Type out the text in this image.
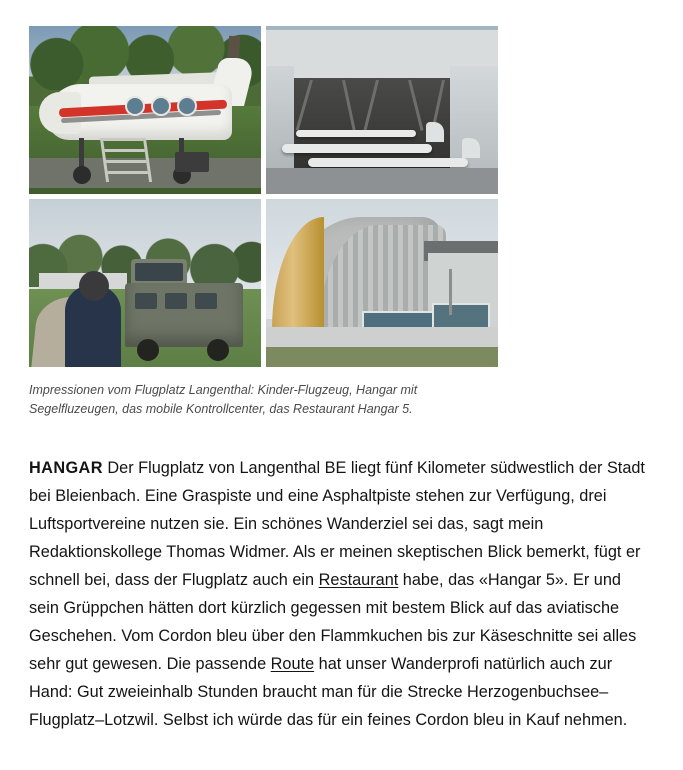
Impressionen vom Flugplatz Langenthal: Kinder-Flugzeug, Hangar mit Segelfluzeugen, das mobile Kontrollcenter, das Restaurant Hangar 5.
HANGAR Der Flugplatz von Langenthal BE liegt fünf Kilometer südwestlich der Stadt bei Bleienbach. Eine Graspiste und eine Asphaltpiste stehen zur Verfügung, drei Luftsportvereine nutzen sie. Ein schönes Wanderziel sei das, sagt mein Redaktionskollege Thomas Widmer. Als er meinen skeptischen Blick bemerkt, fügt er schnell bei, dass der Flugplatz auch ein Restaurant habe, das «Hangar 5». Er und sein Grüppchen hätten dort kürzlich gegessen mit bestem Blick auf das aviatische Geschehen. Vom Cordon bleu über den Flammkuchen bis zur Käseschnitte sei alles sehr gut gewesen. Die passende Route hat unser Wanderprofi natürlich auch zur Hand: Gut zweieinhalb Stunden braucht man für die Strecke Herzogenbuchsee–Flugplatz–Lotzwil. Selbst ich würde das für ein feines Cordon bleu in Kauf nehmen.
